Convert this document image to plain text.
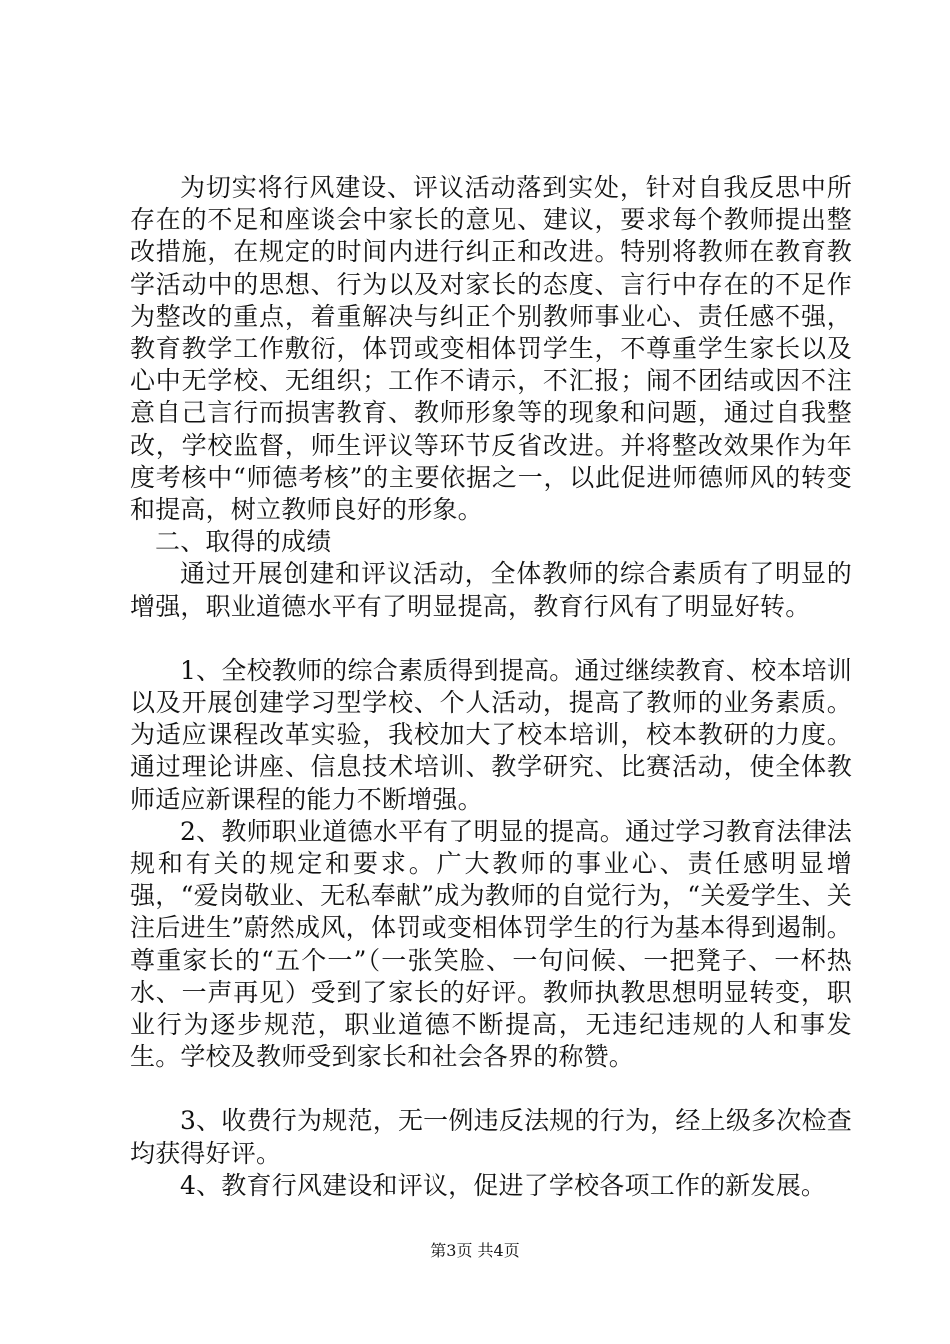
为切实将行风建设、评议活动落到实处，针对自我反思中所存在的不足和座谈会中家长的意见、建议，要求每个教师提出整改措施，在规定的时间内进行纠正和改进。特别将教师在教育教学活动中的思想、行为以及对家长的态度、言行中存在的不足作为整改的重点，着重解决与纠正个别教师事业心、责任感不强，教育教学工作敷衍，体罚或变相体罚学生，不尊重学生家长以及心中无学校、无组织；工作不请示，不汇报；闹不团结或因不注意自己言行而损害教育、教师形象等的现象和问题，通过自我整改，学校监督，师生评议等环节反省改进。并将整改效果作为年度考核中“师德考核”的主要依据之一，以此促进师德师风的转变和提高，树立教师良好的形象。

二、取得的成绩

通过开展创建和评议活动，全体教师的综合素质有了明显的增强，职业道德水平有了明显提高，教育行风有了明显好转。

1、全校教师的综合素质得到提高。通过继续教育、校本培训以及开展创建学习型学校、个人活动，提高了教师的业务素质。为适应课程改革实验，我校加大了校本培训，校本教研的力度。通过理论讲座、信息技术培训、教学研究、比赛活动，使全体教师适应新课程的能力不断增强。

2、教师职业道德水平有了明显的提高。通过学习教育法律法规和有关的规定和要求。广大教师的事业心、责任感明显增强，“爱岗敬业、无私奉献”成为教师的自觉行为，“关爱学生、关注后进生”蔚然成风，体罚或变相体罚学生的行为基本得到遏制。尊重家长的“五个一”（一张笑脸、一句问候、一把凳子、一杯热水、一声再见）受到了家长的好评。教师执教思想明显转变，职业行为逐步规范，职业道德不断提高，无违纪违规的人和事发生。学校及教师受到家长和社会各界的称赞。

3、收费行为规范，无一例违反法规的行为，经上级多次检查均获得好评。

4、教育行风建设和评议，促进了学校各项工作的新发展。

第3页 共4页
